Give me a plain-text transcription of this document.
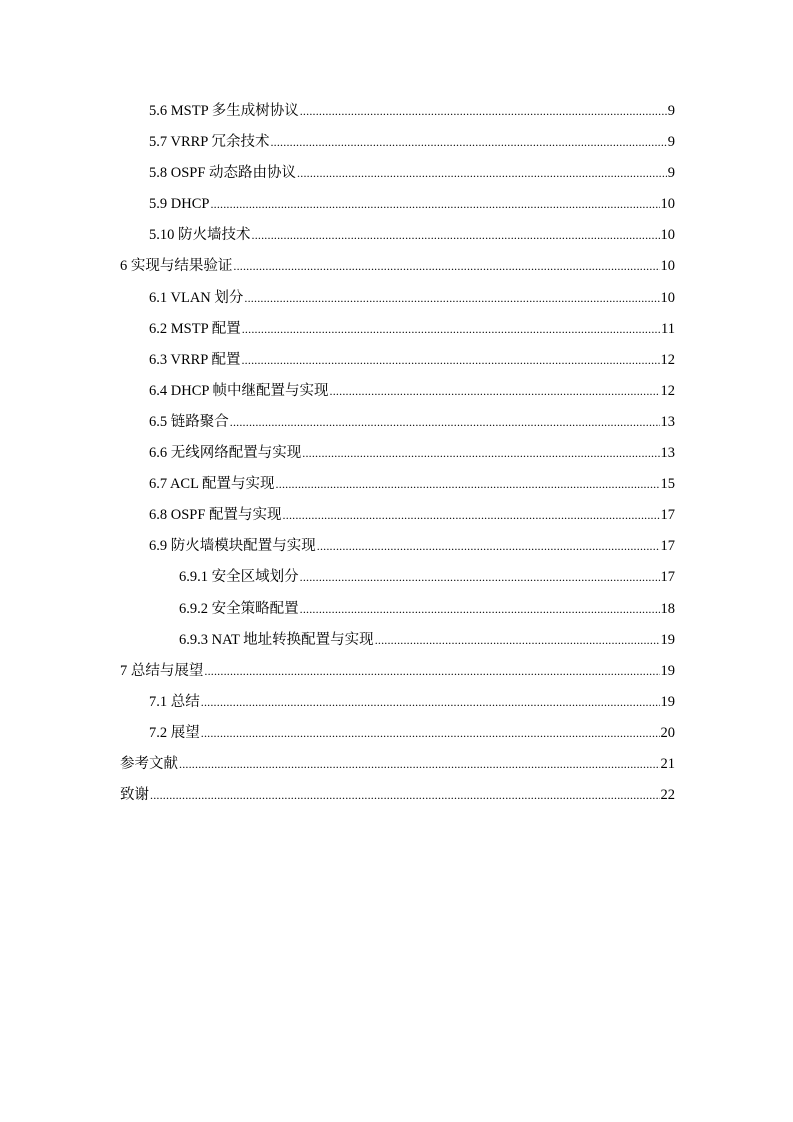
5.6 MSTP 多生成树协议 .....	9
5.7 VRRP 冗余技术 .....	9
5.8 OSPF 动态路由协议 .....	9
5.9 DHCP .....	10
5.10 防火墙技术 .....	10
6 实现与结果验证 .....	10
6.1 VLAN 划分 .....	10
6.2 MSTP 配置 .....	11
6.3 VRRP 配置 .....	12
6.4 DHCP 帧中继配置与实现 .....	12
6.5 链路聚合 .....	13
6.6 无线网络配置与实现 .....	13
6.7 ACL 配置与实现 .....	15
6.8 OSPF 配置与实现 .....	17
6.9 防火墙模块配置与实现 .....	17
6.9.1 安全区域划分 .....	17
6.9.2 安全策略配置 .....	18
6.9.3 NAT 地址转换配置与实现 .....	19
7 总结与展望 .....	19
7.1 总结 .....	19
7.2 展望 .....	20
参考文献 .....	21
致谢 .....	22
